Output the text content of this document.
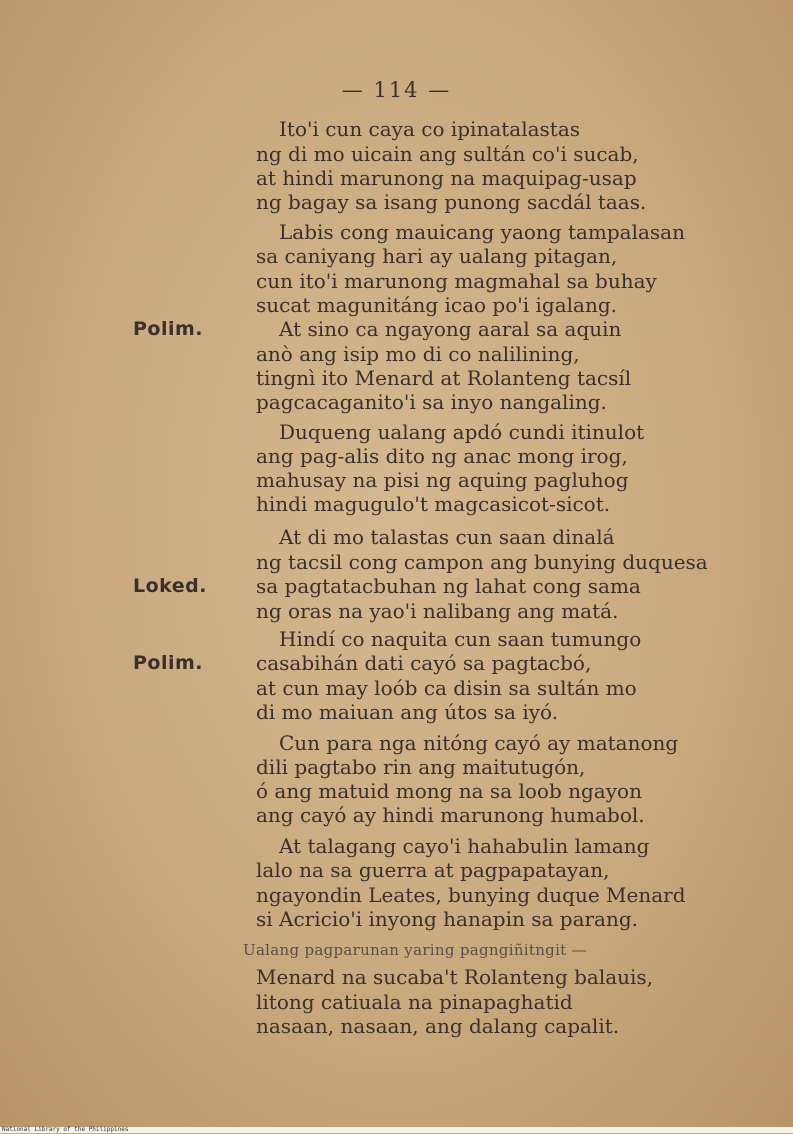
— 114 —
Ito'i cun caya co ipinatalastas
ng di mo uicain ang sultán co'i sucab,
at hindi marunong na maquipag-usap
ng bagay sa isang punong sacdál taas.
Labis cong mauicang yaong tampalasan
sa caniyang hari ay ualang pitagan,
cun ito'i marunong magmahal sa buhay
sucat magunitáng icao po'i igalang.
Polim.	At sino ca ngayong aaral sa aquin
anò ang isip mo di co nalilining,
tingnì ito Menard at Rolanteng tacsíl
pagcacaganito'i sa inyo nangaling.
Duqueng ualang apdó cundi itinulot
ang pag-alis dito ng anac mong irog,
mahusay na pisi ng aquing pagluhog
hindi magugulo't magcasicot-sicot.
At di mo talastas cun saan dinalá
ng tacsil cong campon ang bunying duquesa
Loked. sa pagtatacbuhan ng lahat cong sama
ng oras na yao'i nalibang ang matá.
Hindí co naquita cun saan tumungo
Polim.	casabihán dati cayó sa pagtacbó,
at cun may loób ca disin sa sultán mo
di mo maiuan ang útos sa iyó.
Cun para nga nitóng cayó ay matanong
dili pagtabo rin ang maitutugón,
ó ang matuid mong na sa loob ngayon
ang cayó ay hindi marunong humabol.
At talagang cayo'i hahabulin lamang
lalo na sa guerra at pagpapatayan,
ngayondin Leates, bunying duque Menard
si Acricio'i inyong hanapin sa parang.
Ualang pagparunan yaring pagngiñitngit —
Menard na sucaba't Rolanteng balauis,
litong catiuala na pinapaghatid
nasaan, nasaan, ang dalang capalit.
National Library of the Philippines
